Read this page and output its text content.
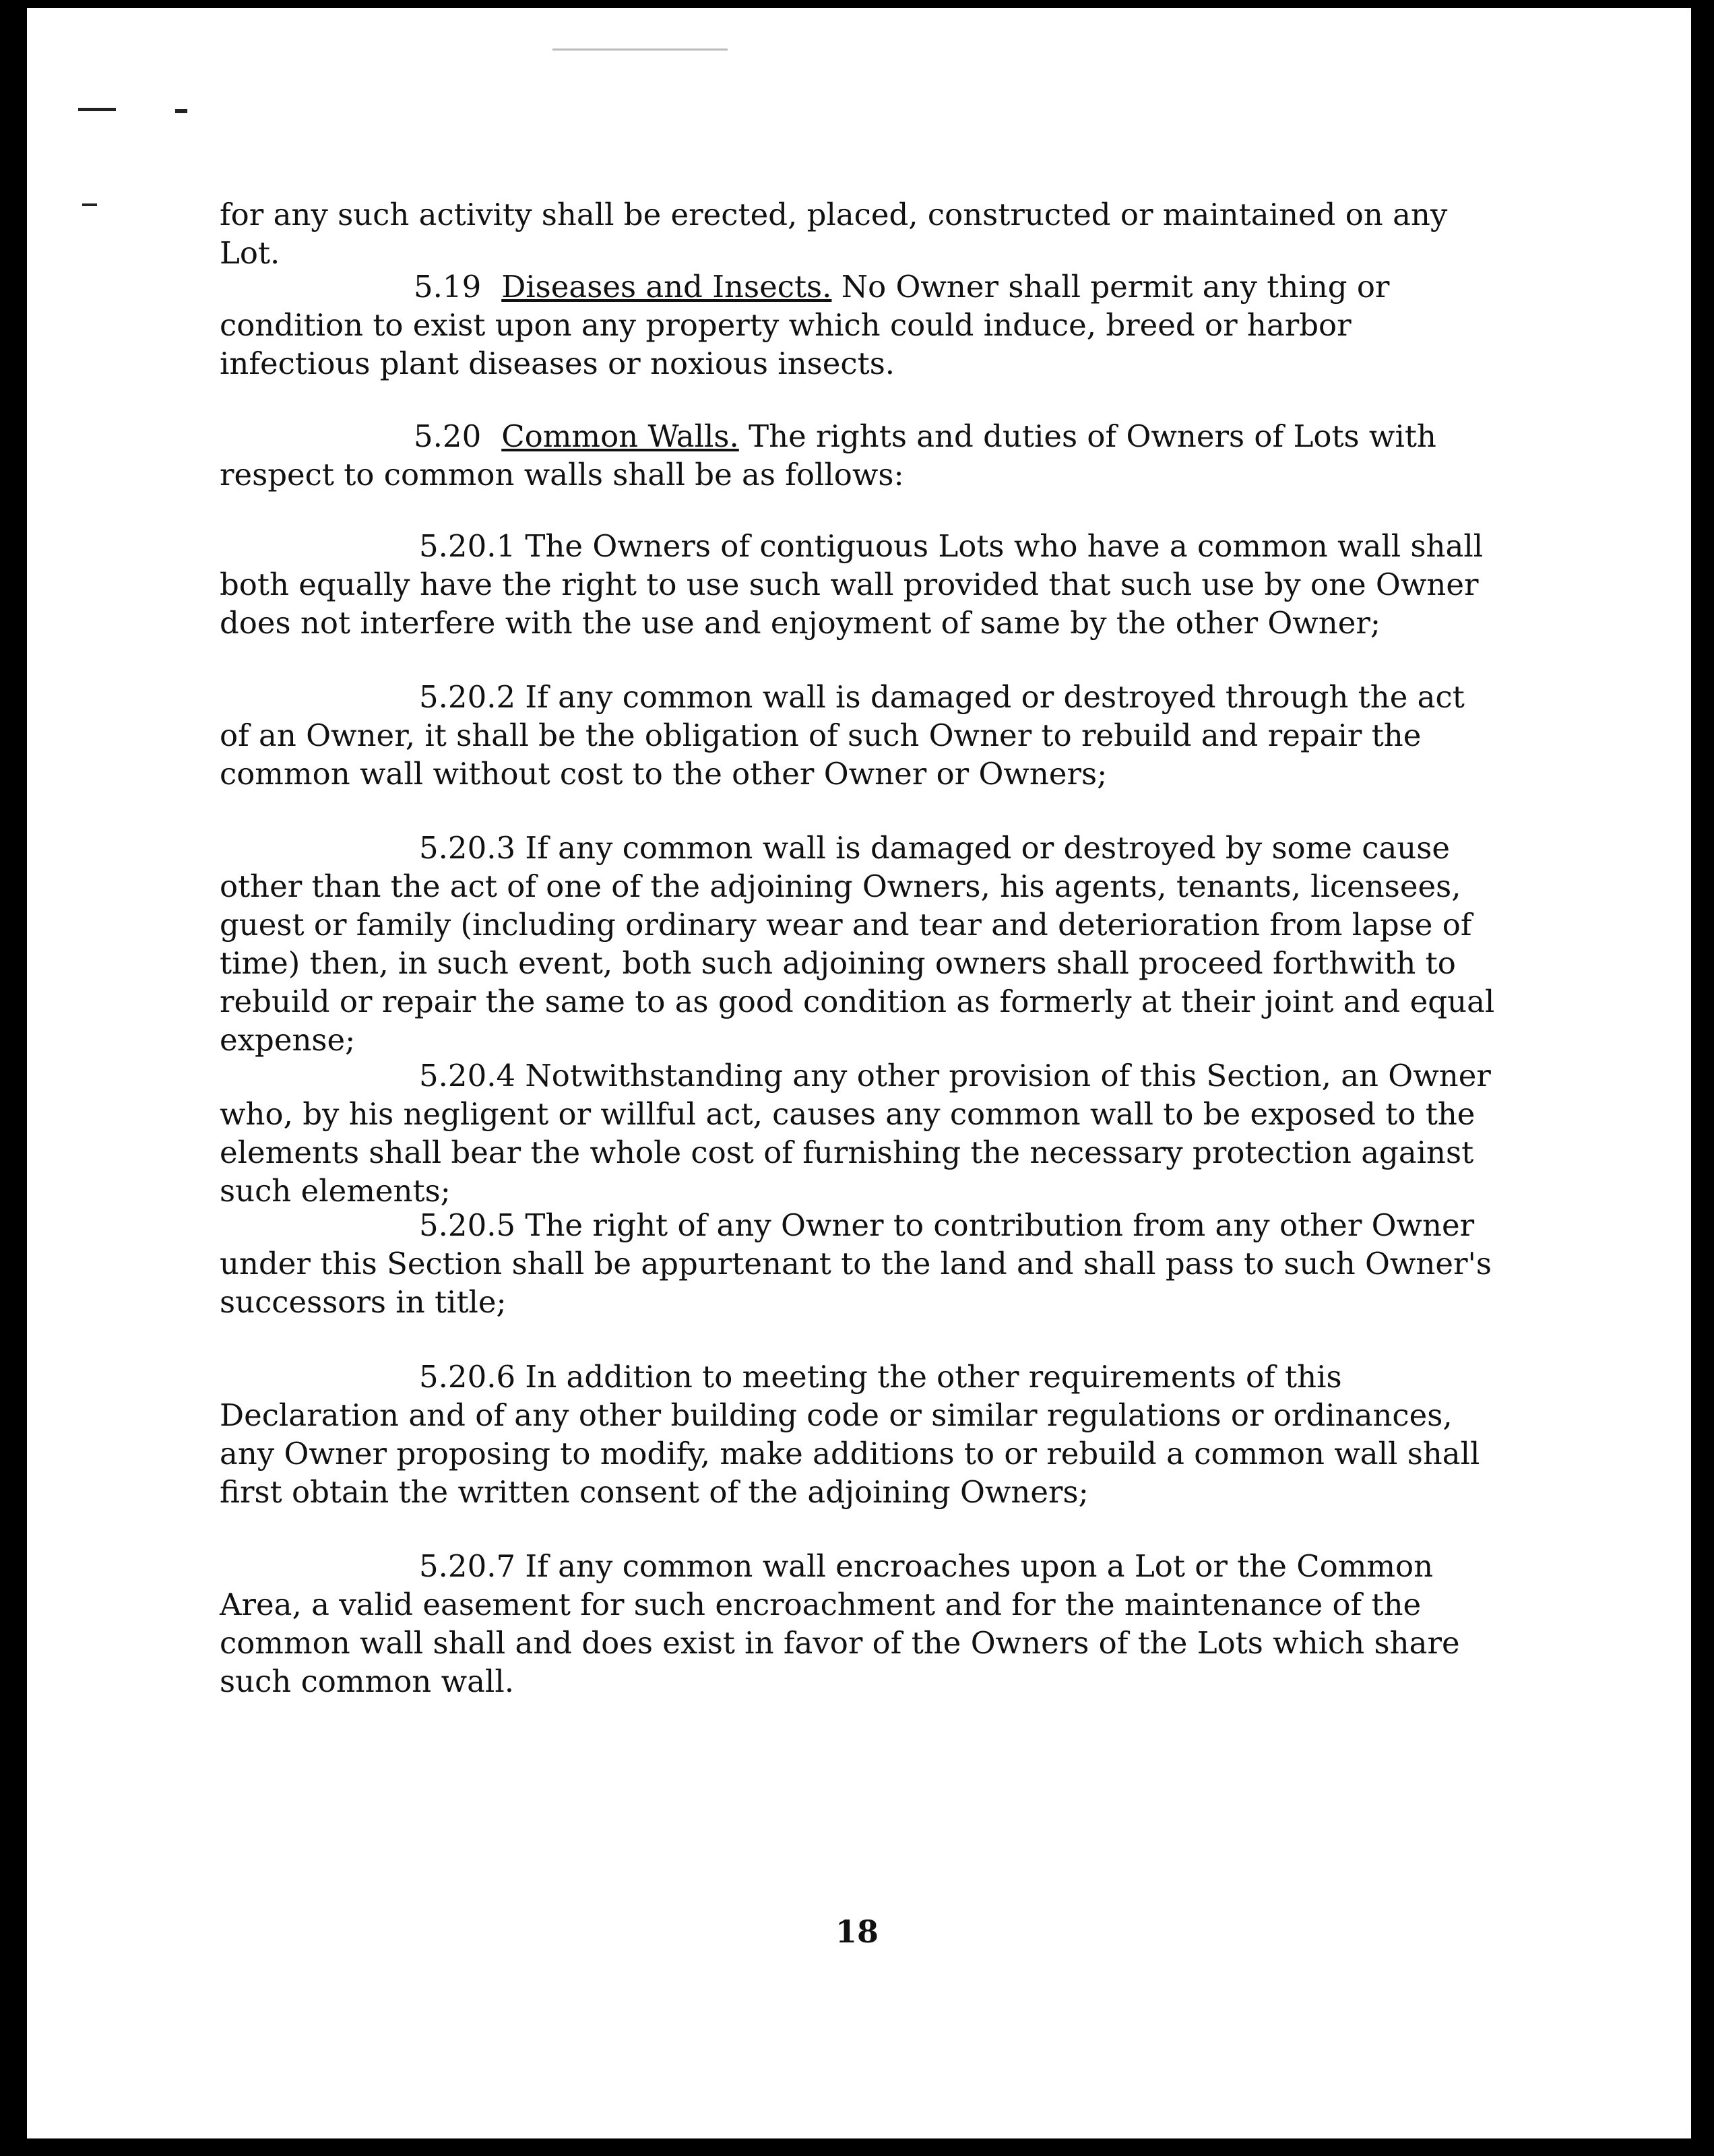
for any such activity shall be erected, placed, constructed or maintained on any Lot.

5.19 Diseases and Insects. No Owner shall permit any thing or condition to exist upon any property which could induce, breed or harbor infectious plant diseases or noxious insects.

5.20 Common Walls. The rights and duties of Owners of Lots with respect to common walls shall be as follows:

5.20.1 The Owners of contiguous Lots who have a common wall shall both equally have the right to use such wall provided that such use by one Owner does not interfere with the use and enjoyment of same by the other Owner;

5.20.2 If any common wall is damaged or destroyed through the act of an Owner, it shall be the obligation of such Owner to rebuild and repair the common wall without cost to the other Owner or Owners;

5.20.3 If any common wall is damaged or destroyed by some cause other than the act of one of the adjoining Owners, his agents, tenants, licensees, guest or family (including ordinary wear and tear and deterioration from lapse of time) then, in such event, both such adjoining owners shall proceed forthwith to rebuild or repair the same to as good condition as formerly at their joint and equal expense;

5.20.4 Notwithstanding any other provision of this Section, an Owner who, by his negligent or willful act, causes any common wall to be exposed to the elements shall bear the whole cost of furnishing the necessary protection against such elements;

5.20.5 The right of any Owner to contribution from any other Owner under this Section shall be appurtenant to the land and shall pass to such Owner's successors in title;

5.20.6 In addition to meeting the other requirements of this Declaration and of any other building code or similar regulations or ordinances, any Owner proposing to modify, make additions to or rebuild a common wall shall first obtain the written consent of the adjoining Owners;

5.20.7 If any common wall encroaches upon a Lot or the Common Area, a valid easement for such encroachment and for the maintenance of the common wall shall and does exist in favor of the Owners of the Lots which share such common wall.

18
